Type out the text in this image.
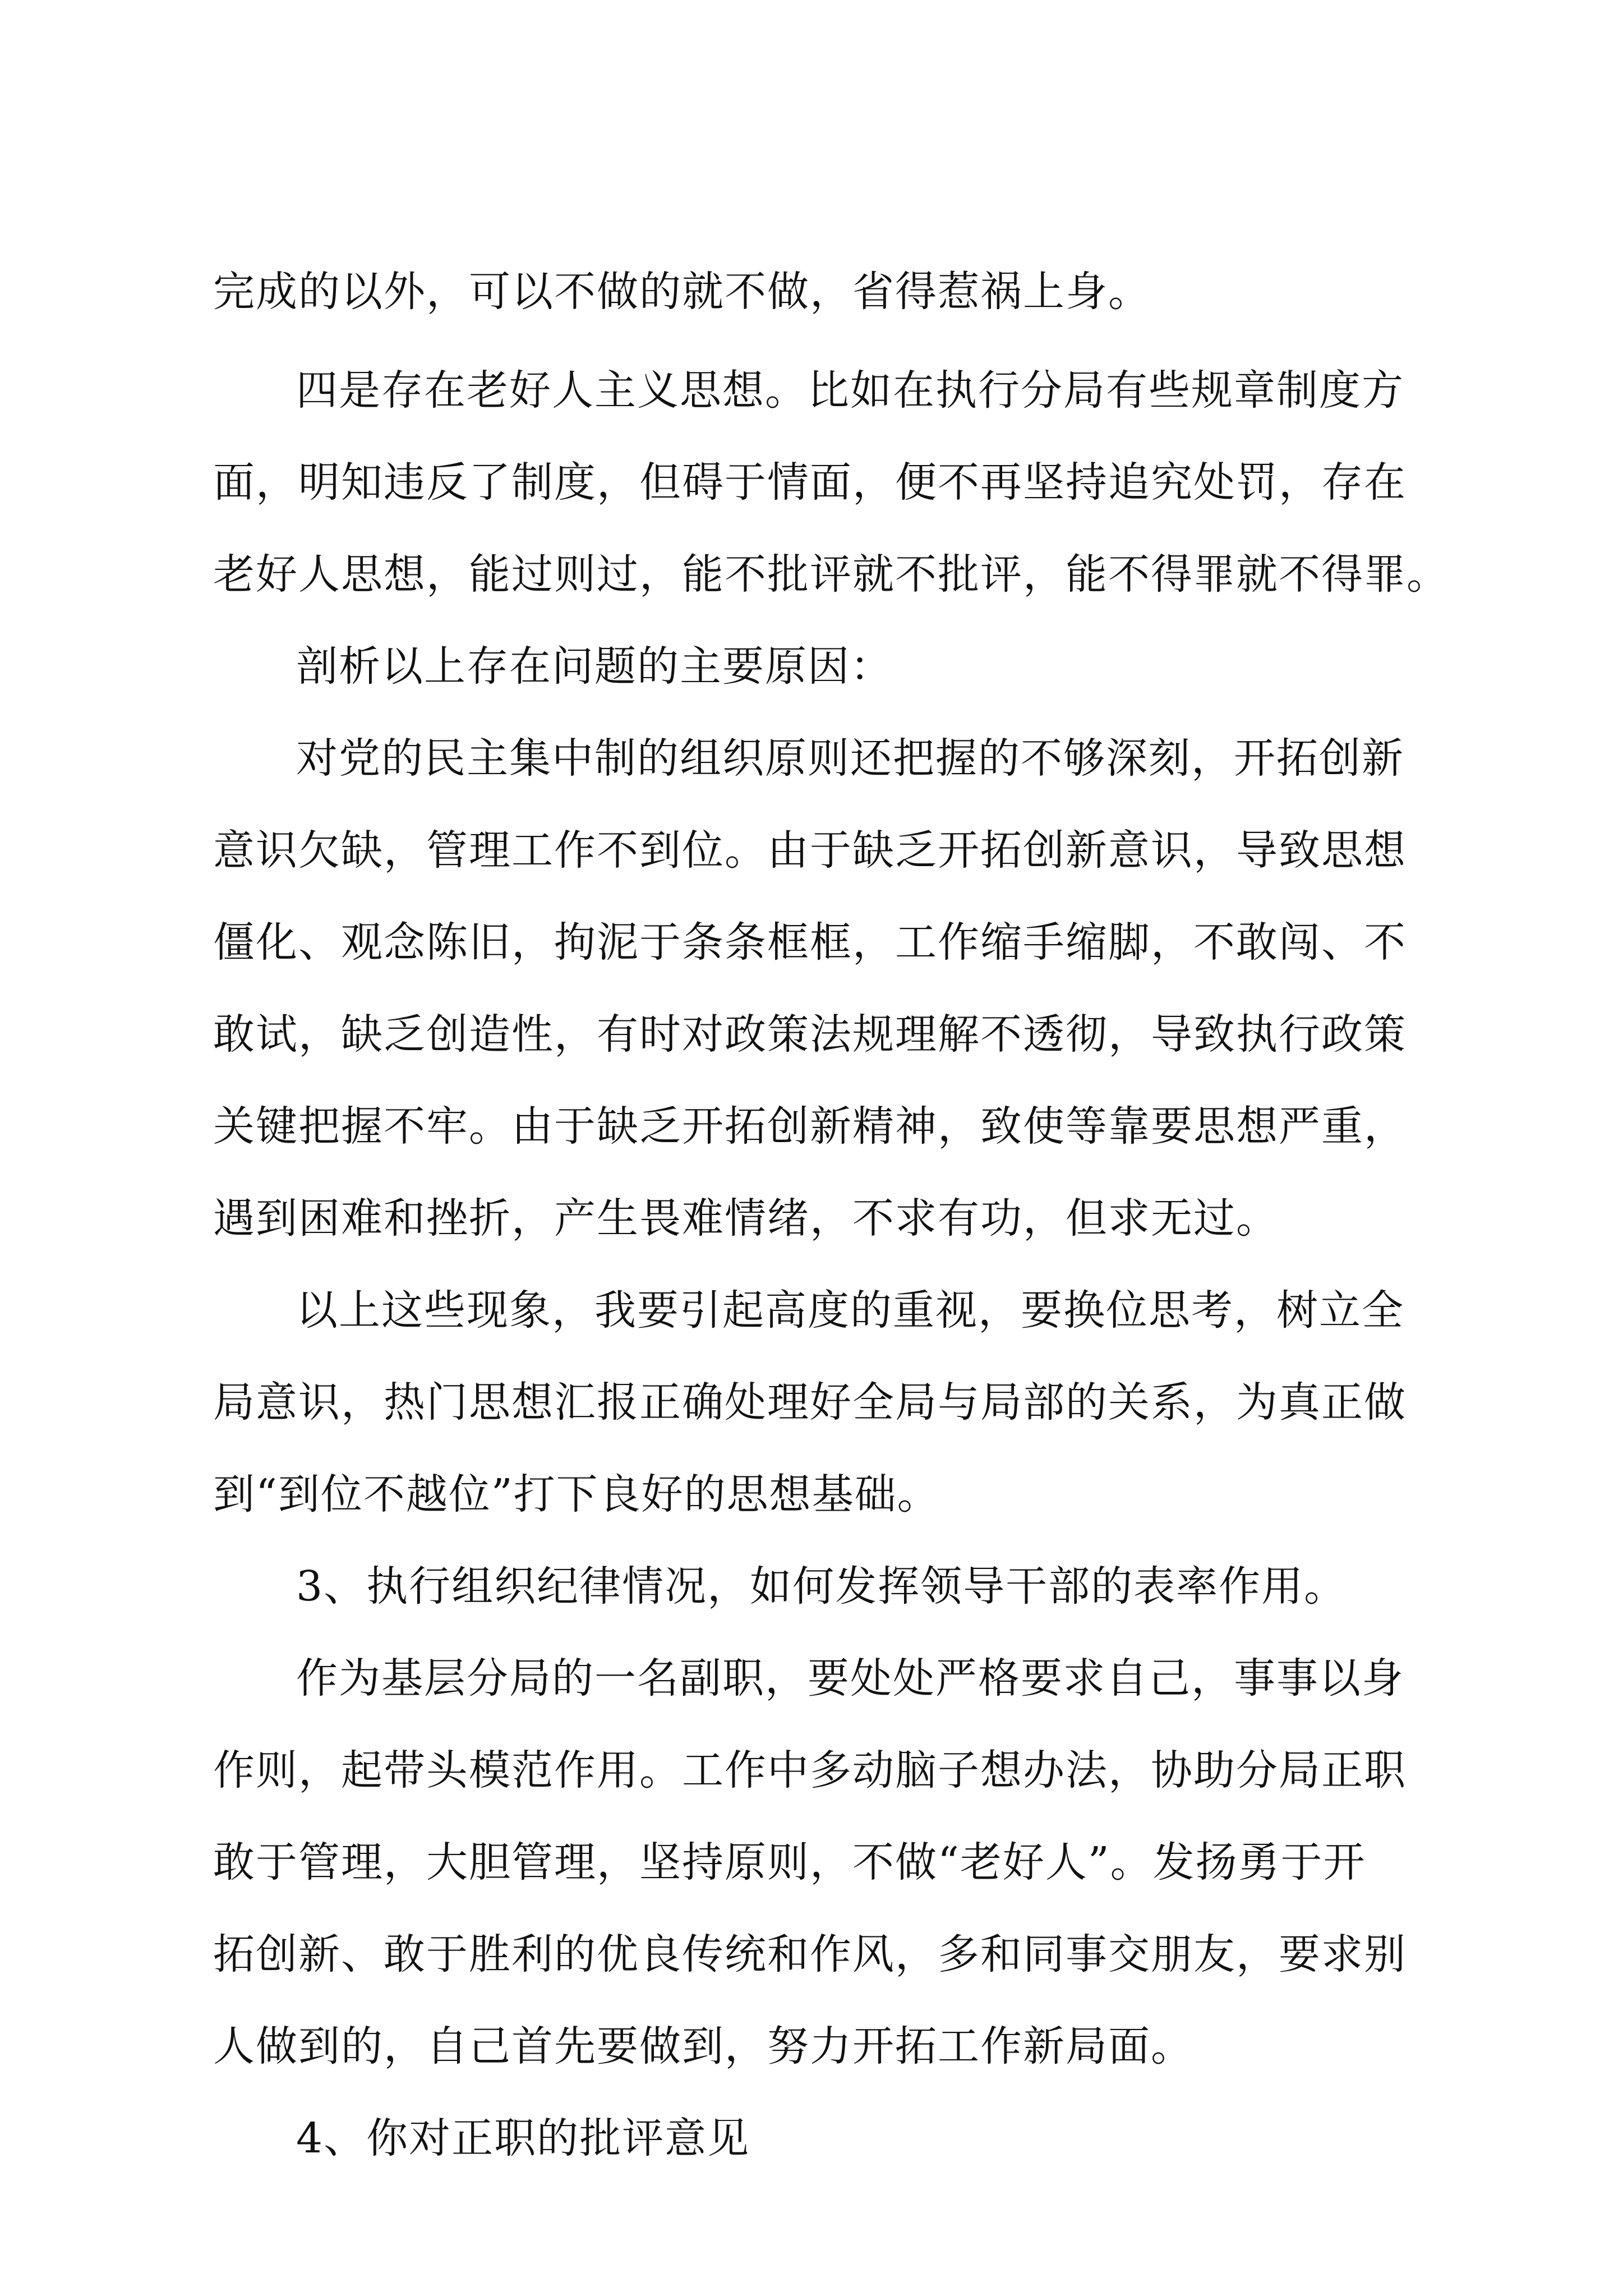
完成的以外，可以不做的就不做，省得惹祸上身。
四是存在老好人主义思想。比如在执行分局有些规章制度方
面，明知违反了制度，但碍于情面，便不再坚持追究处罚，存在
老好人思想，能过则过，能不批评就不批评，能不得罪就不得罪。
剖析以上存在问题的主要原因：
对党的民主集中制的组织原则还把握的不够深刻，开拓创新
意识欠缺，管理工作不到位。由于缺乏开拓创新意识，导致思想
僵化、观念陈旧，拘泥于条条框框，工作缩手缩脚，不敢闯、不
敢试，缺乏创造性，有时对政策法规理解不透彻，导致执行政策
关键把握不牢。由于缺乏开拓创新精神，致使等靠要思想严重，
遇到困难和挫折，产生畏难情绪，不求有功，但求无过。
以上这些现象，我要引起高度的重视，要换位思考，树立全
局意识，热门思想汇报正确处理好全局与局部的关系，为真正做
到“到位不越位”打下良好的思想基础。
3、执行组织纪律情况，如何发挥领导干部的表率作用。
作为基层分局的一名副职，要处处严格要求自己，事事以身
作则，起带头模范作用。工作中多动脑子想办法，协助分局正职
敢于管理，大胆管理，坚持原则，不做“老好人”。发扬勇于开
拓创新、敢于胜利的优良传统和作风，多和同事交朋友，要求别
人做到的，自己首先要做到，努力开拓工作新局面。
4、你对正职的批评意见
